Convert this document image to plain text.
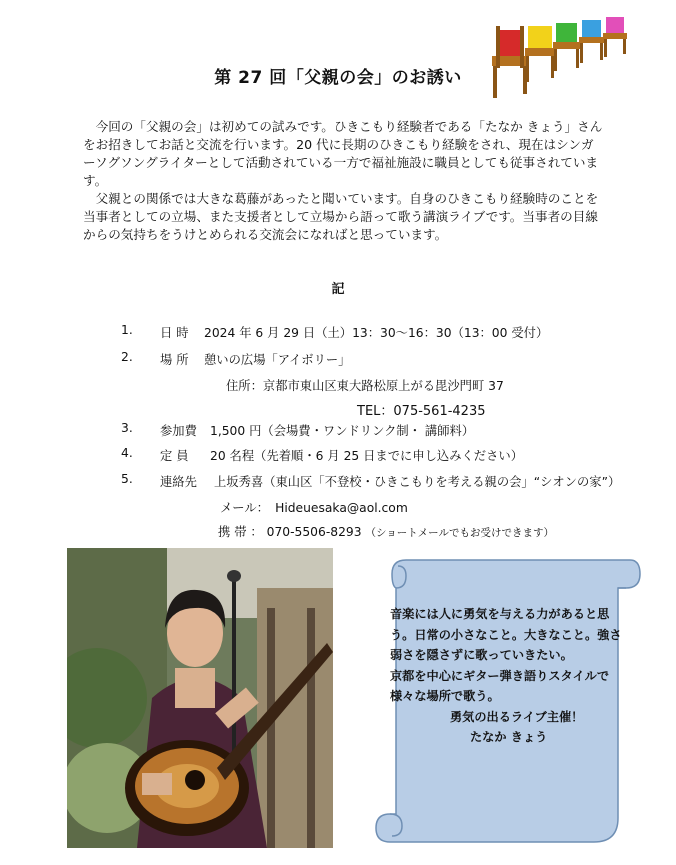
第 27 回「父親の会」のお誘い

今回の「父親の会」は初めての試みです。ひきこもり経験者である「たなか きょう」さんをお招きしてお話と交流を行います。20 代に長期のひきこもり経験をされ、現在はシンガーソグソングライターとして活動されている一方で福祉施設に職員としても従事されています。

父親との関係では大きな葛藤があったと聞いています。自身のひきこもり経験時のことを当事者としての立場、また支援者として立場から語って歌う講演ライブです。当事者の目線からの気持ちをうけとめられる交流会になればと思っています。

記
1. 日 時 2024 年 6 月 29 日（土）13：30～16：30（13：00 受付）
2. 場 所 憩いの広場「アイボリー」
住所：京都市東山区東大路松原上がる毘沙門町 37
TEL：075-561-4235
3. 参加費 1,500 円（会場費・ワンドリンク制・ 講師料）
4. 定 員 20 名程（先着順・6 月 25 日までに申し込みください）
5. 連絡先 上坂秀喜（東山区「不登校・ひきこもりを考える親の会」“シオンの家”）
メール：　Hideuesaka@aol.com
携 帯 ： 070-5506-8293 （ショートメールでもお受けできます）
音楽には人に勇気を与える力があると思う。日常の小さなこと。大きなこと。強さ弱さを隠さずに歌っていきたい。
京都を中心にギター弾き語りスタイルで様々な場所で歌う。
勇気の出るライブ主催！
たなか きょう
